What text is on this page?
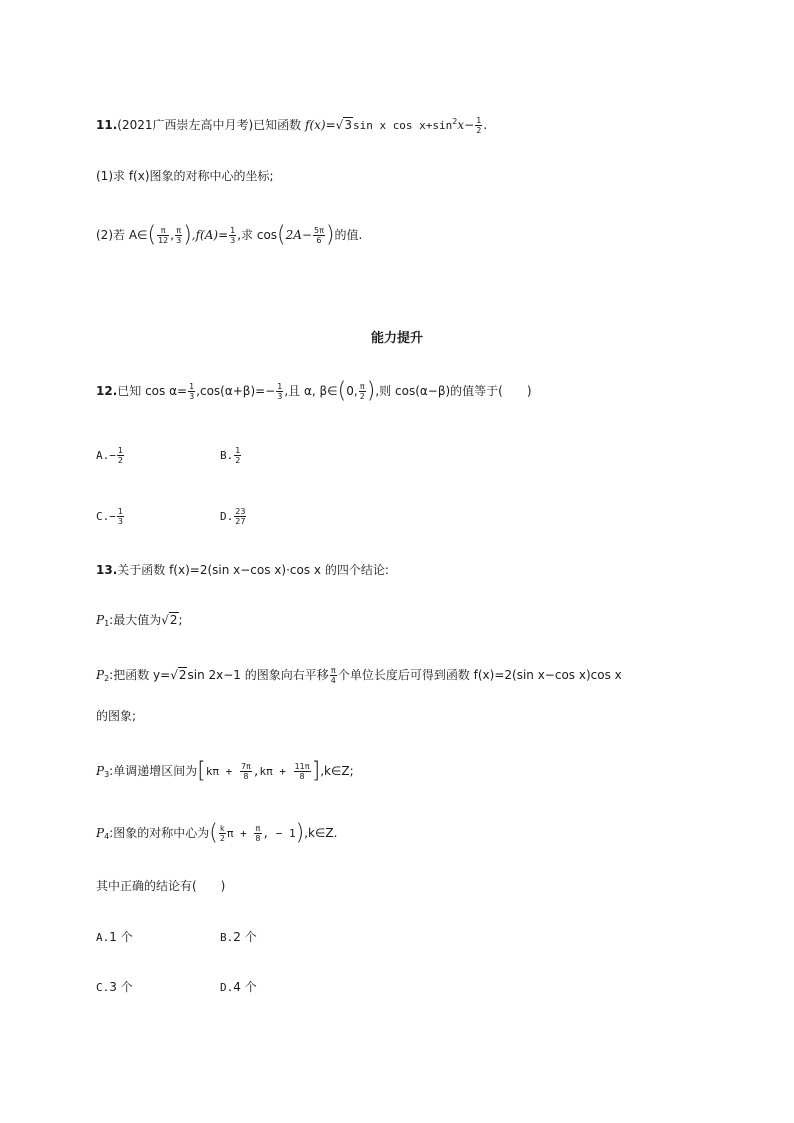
11.(2021广西崇左高中月考)已知函数 f(x)=√3sin x $\cos x+\sin^2x- \frac{1}{2}$ .
(1)求 f(x)图象的对称中心的坐标;
(2)若 A∈( $\frac{\pi}{12}$ , $\frac{\pi}{3} ),f(A)= \frac{1}{3}$ ,求 $\cos(2A- \frac{5\pi}{6}$ )的值.
能力提升
12.已知 $\cos \alpha= \frac{1}{3} ,\cos(\alpha+\beta)=- \frac{1}{3}$ ,且 α, β∈(0, $\frac{\pi}{2}$ ),则 cos(α−β)的值等于(　　)
$A.- \frac{1}{2}$	B. $\frac{1}{2}$
$C.- \frac{1}{3}$	D. $\frac{23}{27}$
13.关于函数 f(x)=2(sin x−cos x)·cos x 的四个结论:
$P_1$:最大值为√2;
$P_2$:把函数 y=√2sin 2x−1 的图象向右平移 $\frac{\pi}{4}$ 个单位长度后可得到函数 f(x)=2(sin x−cos x)cos x
的图象;
$P_3$:单调递增区间为[$k\pi + \frac{7\pi}{8} ,k\pi + \frac{11\pi}{8}$ ],k∈Z;
$P_4$:图象的对称中心为( $\frac{k}{2}$ $\pi + \frac{\pi}{8}$ , − 1),k∈Z.
其中正确的结论有(　　)
A.1 个	B.2 个
C.3 个	D.4 个
